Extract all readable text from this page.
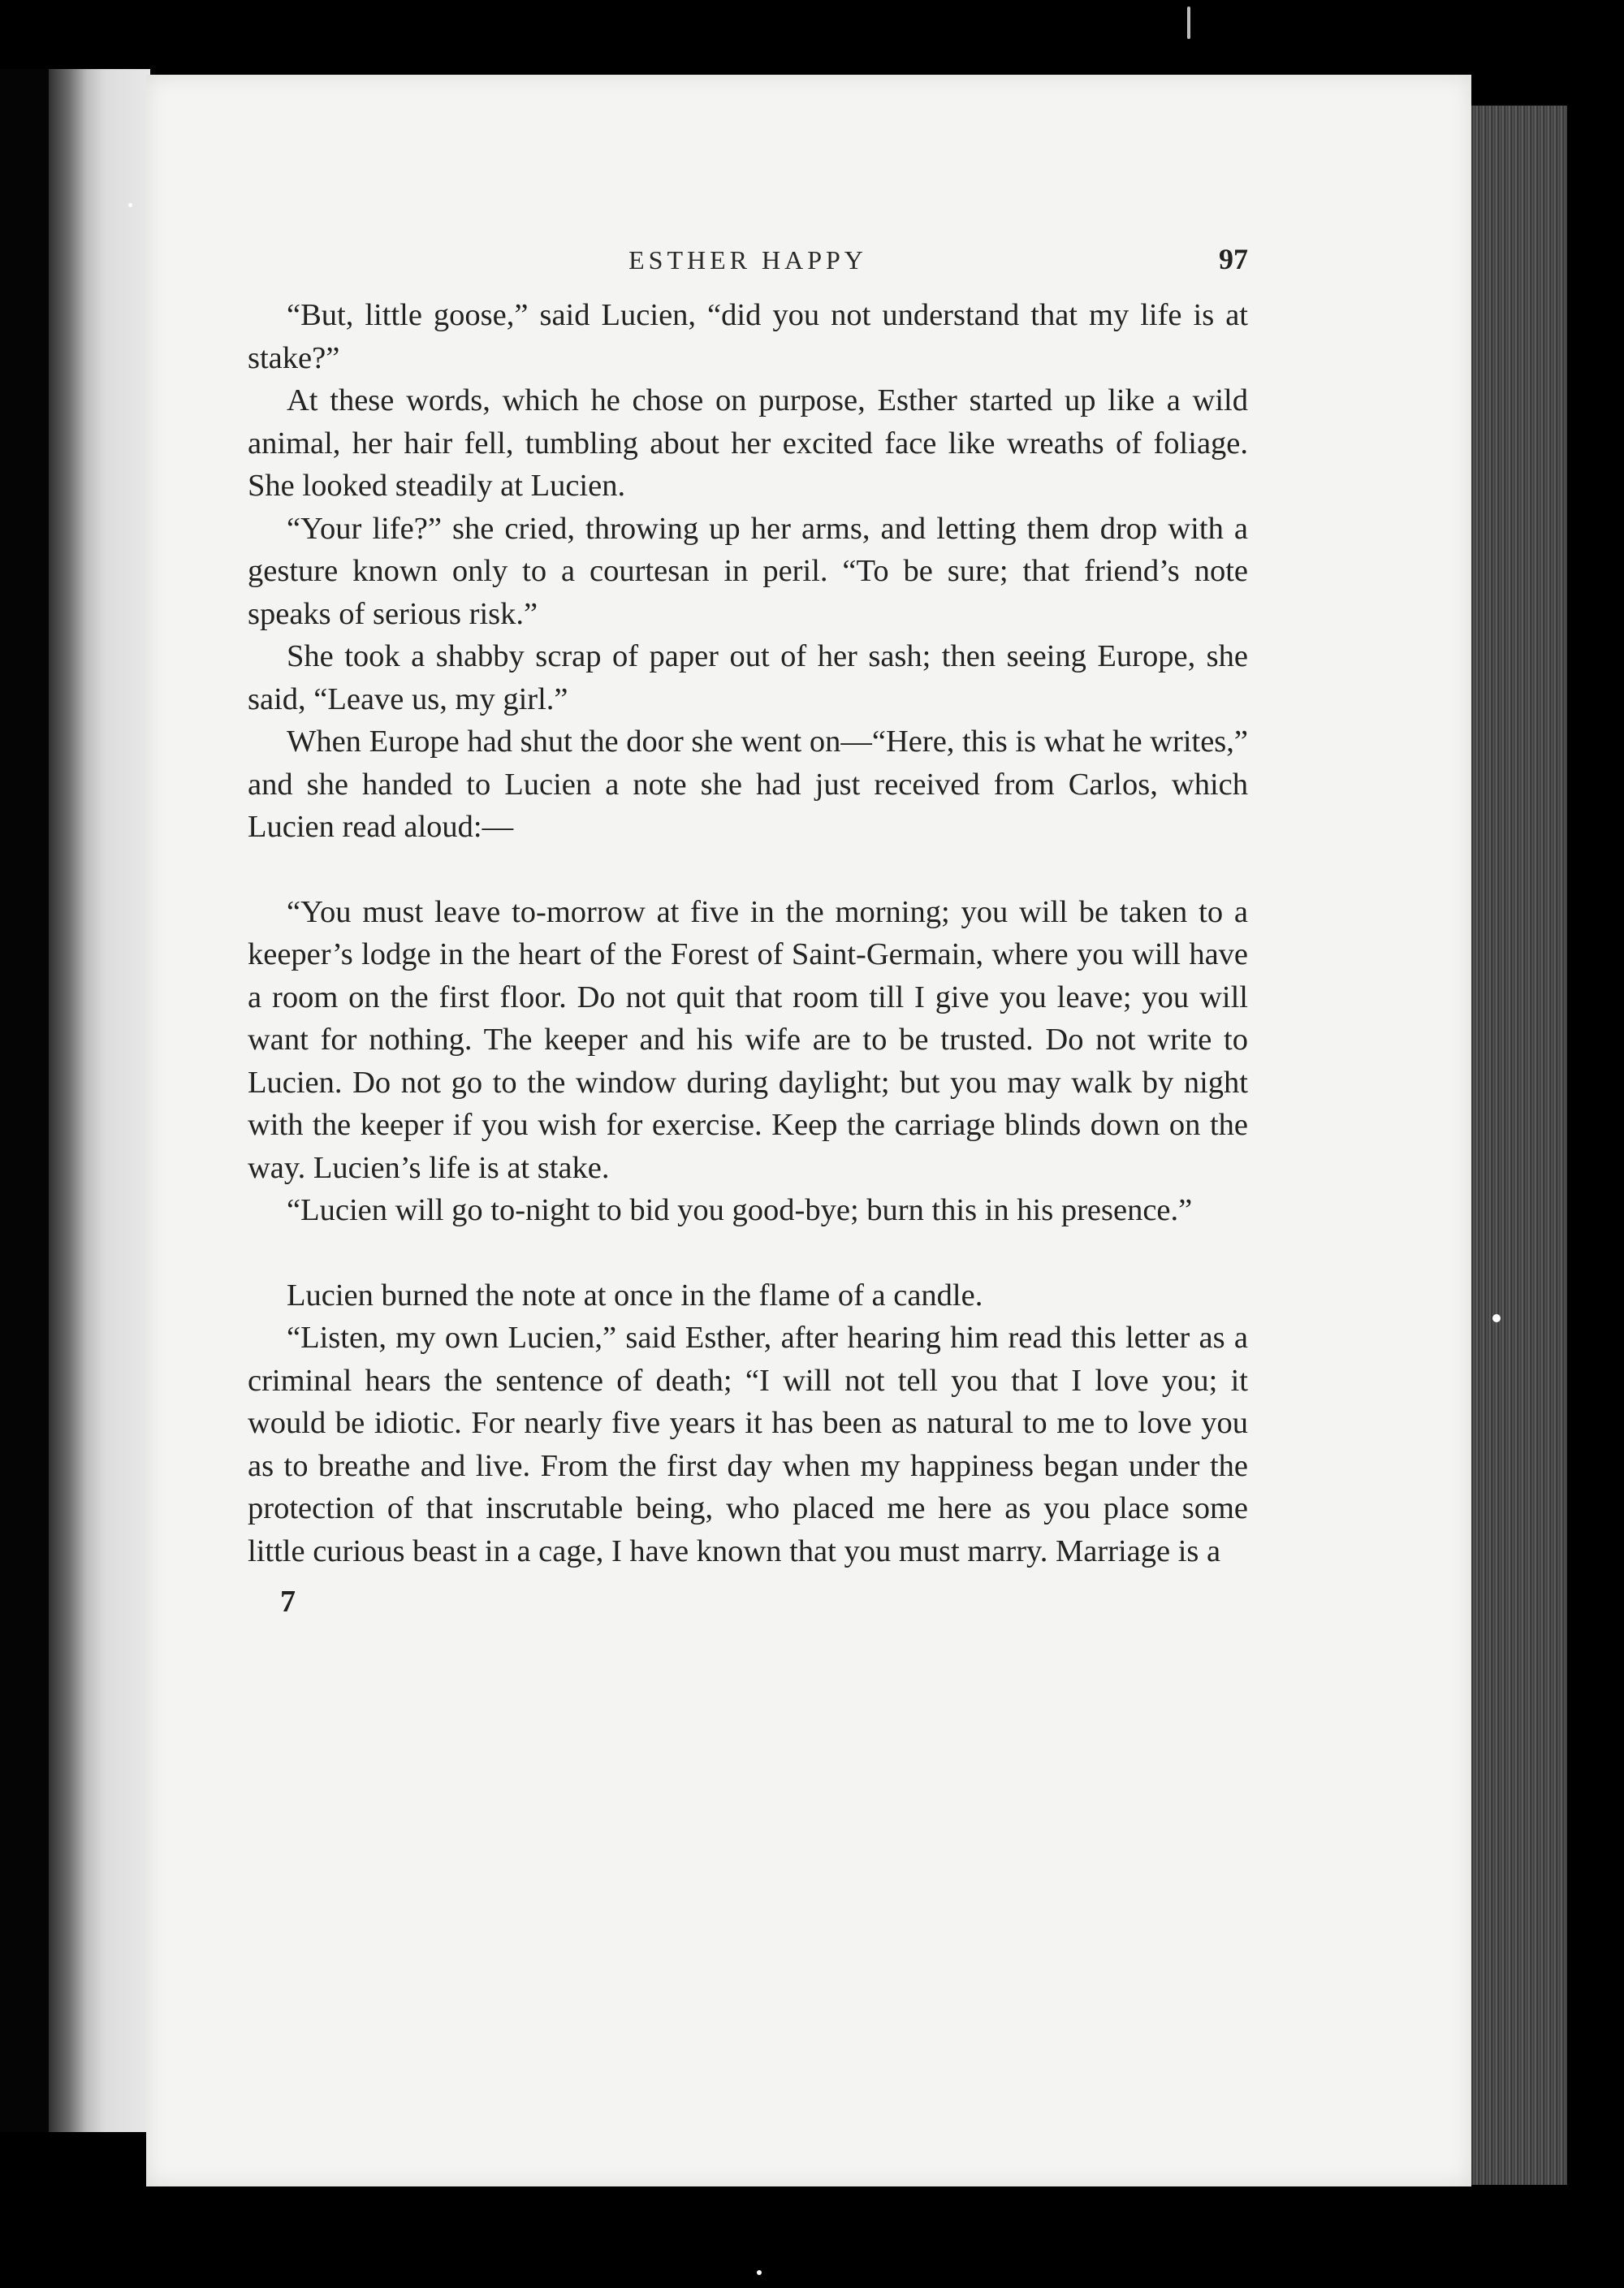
ESTHER HAPPY	97

“But, little goose,” said Lucien, “did you not understand that my life is at stake?”

At these words, which he chose on purpose, Esther started up like a wild animal, her hair fell, tumbling about her excited face like wreaths of foliage. She looked steadily at Lucien.

“Your life?” she cried, throwing up her arms, and letting them drop with a gesture known only to a courtesan in peril. “To be sure; that friend’s note speaks of serious risk.”

She took a shabby scrap of paper out of her sash; then seeing Europe, she said, “Leave us, my girl.”

When Europe had shut the door she went on—“Here, this is what he writes,” and she handed to Lucien a note she had just received from Carlos, which Lucien read aloud:—

“You must leave to-morrow at five in the morning; you will be taken to a keeper’s lodge in the heart of the Forest of Saint-Germain, where you will have a room on the first floor. Do not quit that room till I give you leave; you will want for nothing. The keeper and his wife are to be trusted. Do not write to Lucien. Do not go to the window during daylight; but you may walk by night with the keeper if you wish for exercise. Keep the carriage blinds down on the way. Lucien’s life is at stake.

“Lucien will go to-night to bid you good-bye; burn this in his presence.”

Lucien burned the note at once in the flame of a candle.

“Listen, my own Lucien,” said Esther, after hearing him read this letter as a criminal hears the sentence of death; “I will not tell you that I love you; it would be idiotic. For nearly five years it has been as natural to me to love you as to breathe and live. From the first day when my happiness began under the protection of that inscrutable being, who placed me here as you place some little curious beast in a cage, I have known that you must marry. Marriage is a

7
